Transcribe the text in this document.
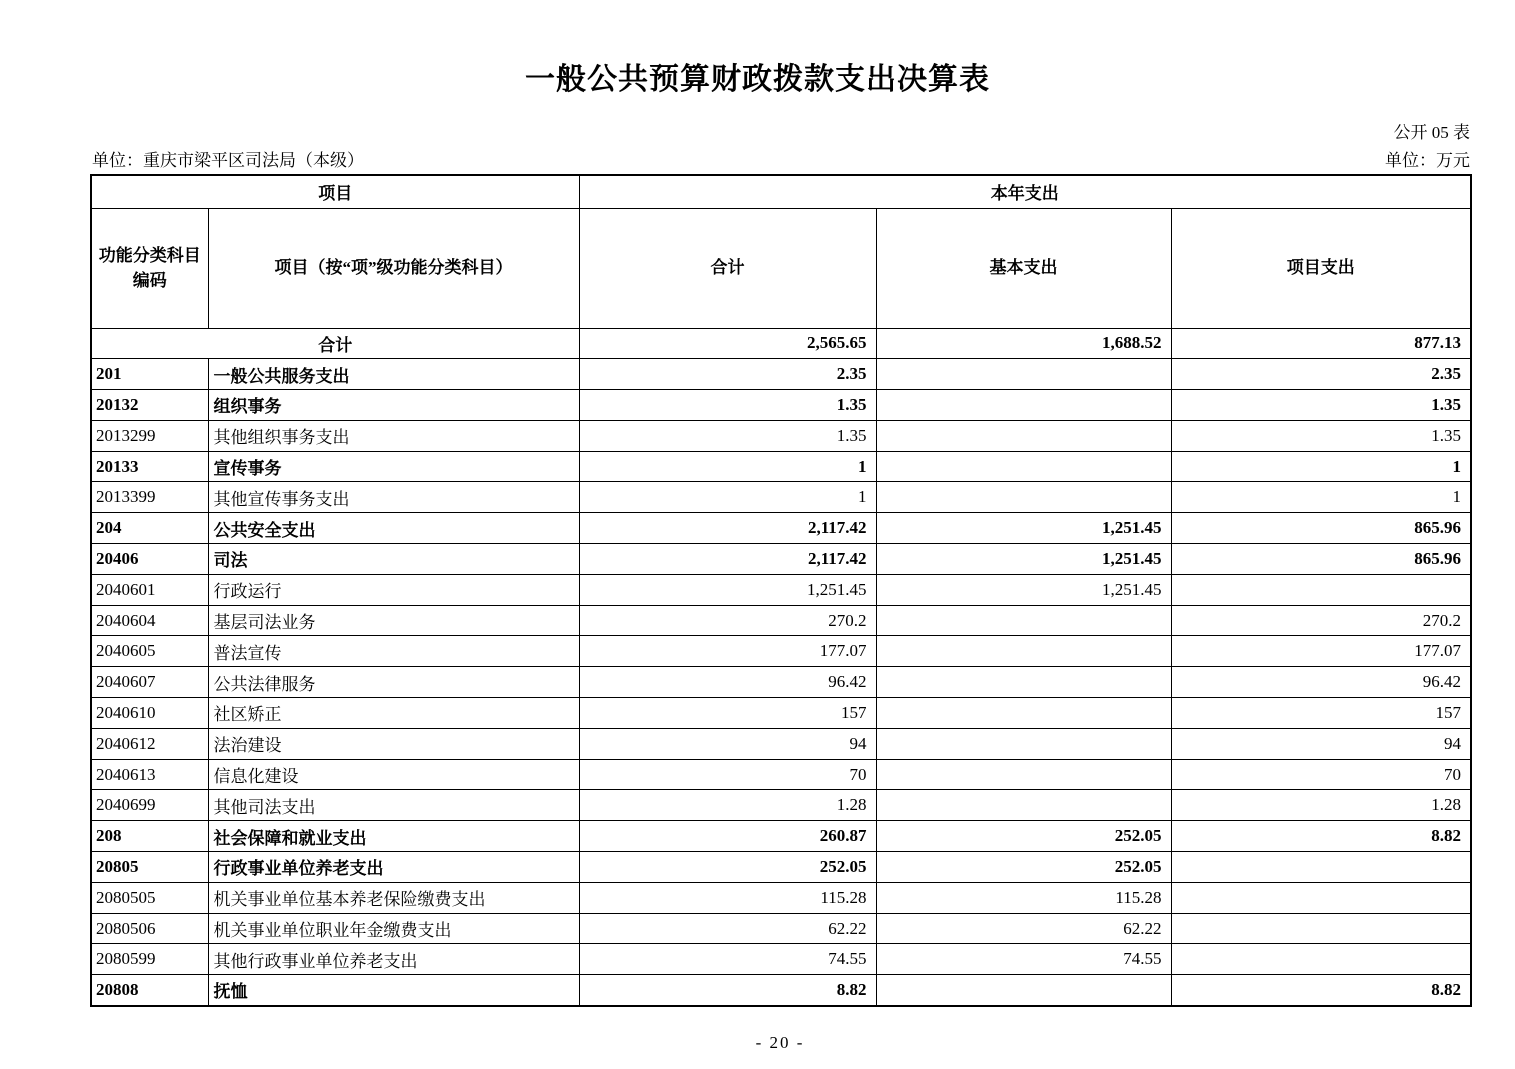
一般公共预算财政拨款支出决算表
公开 05 表
单位：重庆市梁平区司法局（本级）	单位：万元
项目		本年支出		
功能分类科目编码	项目（按“项”级功能分类科目）	合计	基本支出	项目支出
合计		2,565.65	1,688.52	877.13
201	一般公共服务支出	2.35		2.35
20132	组织事务	1.35		1.35
2013299	其他组织事务支出	1.35		1.35
20133	宣传事务	1		1
2013399	其他宣传事务支出	1		1
204	公共安全支出	2,117.42	1,251.45	865.96
20406	司法	2,117.42	1,251.45	865.96
2040601	行政运行	1,251.45	1,251.45	
2040604	基层司法业务	270.2		270.2
2040605	普法宣传	177.07		177.07
2040607	公共法律服务	96.42		96.42
2040610	社区矫正	157		157
2040612	法治建设	94		94
2040613	信息化建设	70		70
2040699	其他司法支出	1.28		1.28
208	社会保障和就业支出	260.87	252.05	8.82
20805	行政事业单位养老支出	252.05	252.05	
2080505	机关事业单位基本养老保险缴费支出	115.28	115.28	
2080506	机关事业单位职业年金缴费支出	62.22	62.22	
2080599	其他行政事业单位养老支出	74.55	74.55	
20808	抚恤	8.82		8.82
- 20 -
